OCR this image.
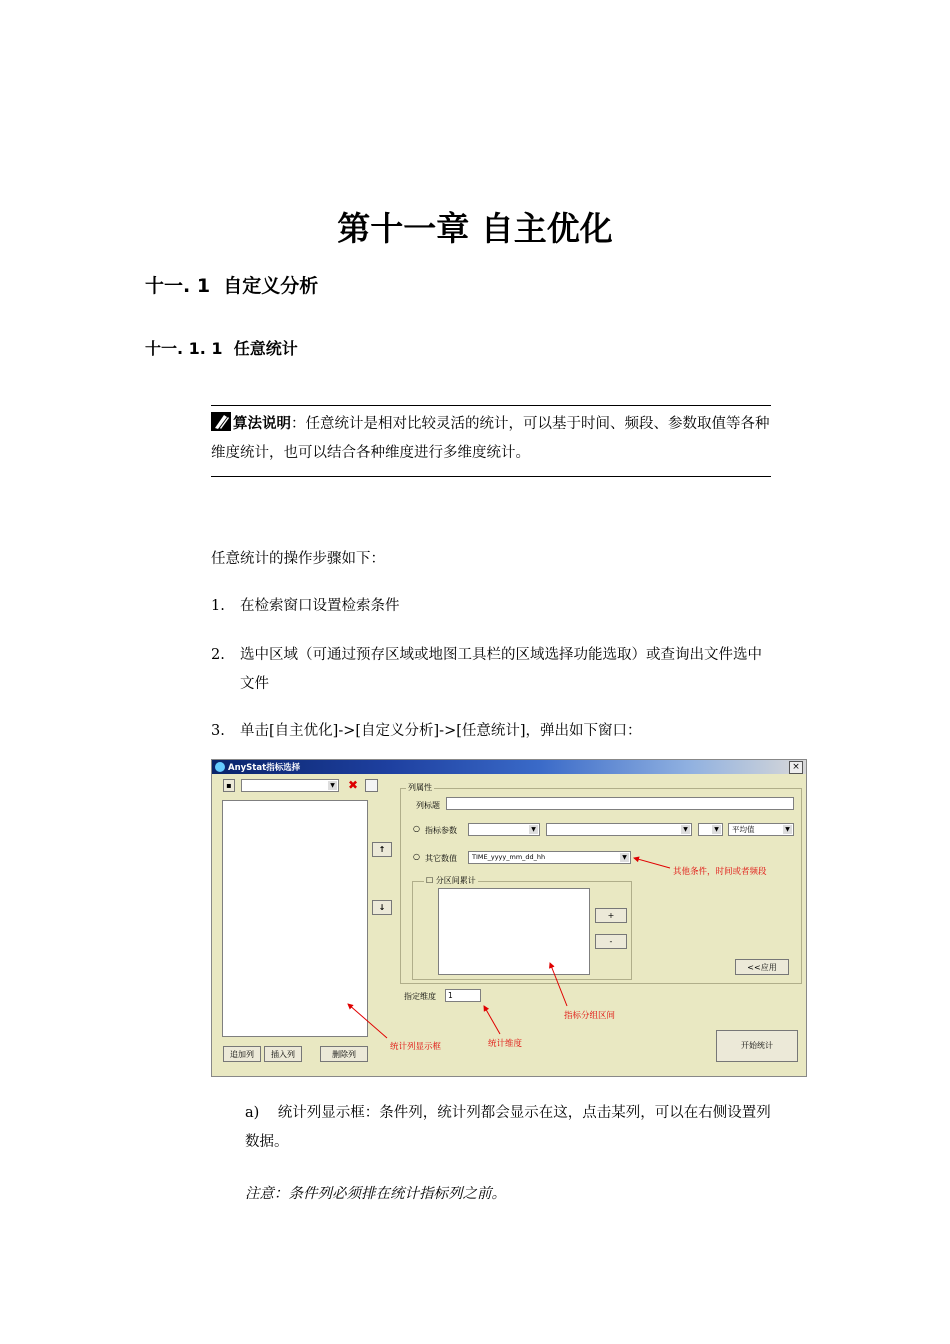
第十一章 自主优化
十一. 1 自定义分析
十一. 1. 1 任意统计
算法说明：任意统计是相对比较灵活的统计，可以基于时间、频段、参数取值等各种维度统计，也可以结合各种维度进行多维度统计。
任意统计的操作步骤如下：
1. 在检索窗口设置检索条件
2. 选中区域（可通过预存区域或地图工具栏的区域选择功能选取）或查询出文件选中文件
3. 单击[自主优化]->[自定义分析]->[任意统计]，弹出如下窗口：
AnyStat指标选择	×
▪ ▼	✖
↑
↓
追加列	插入列	删除列
列属性
列标题
○ 指标参数 ▼ ▼ ▼	平均值 ▼
○ 其它数值	TIME_yyyy_mm_dd_hh ▼
☐ 分区间累计
+
-
<<应用
指定维度	1
开始统计
其他条件，时间或者频段
指标分组区间
统计列显示框	统计维度
a) 统计列显示框：条件列，统计列都会显示在这，点击某列，可以在右侧设置列数据。
注意：条件列必须排在统计指标列之前。
